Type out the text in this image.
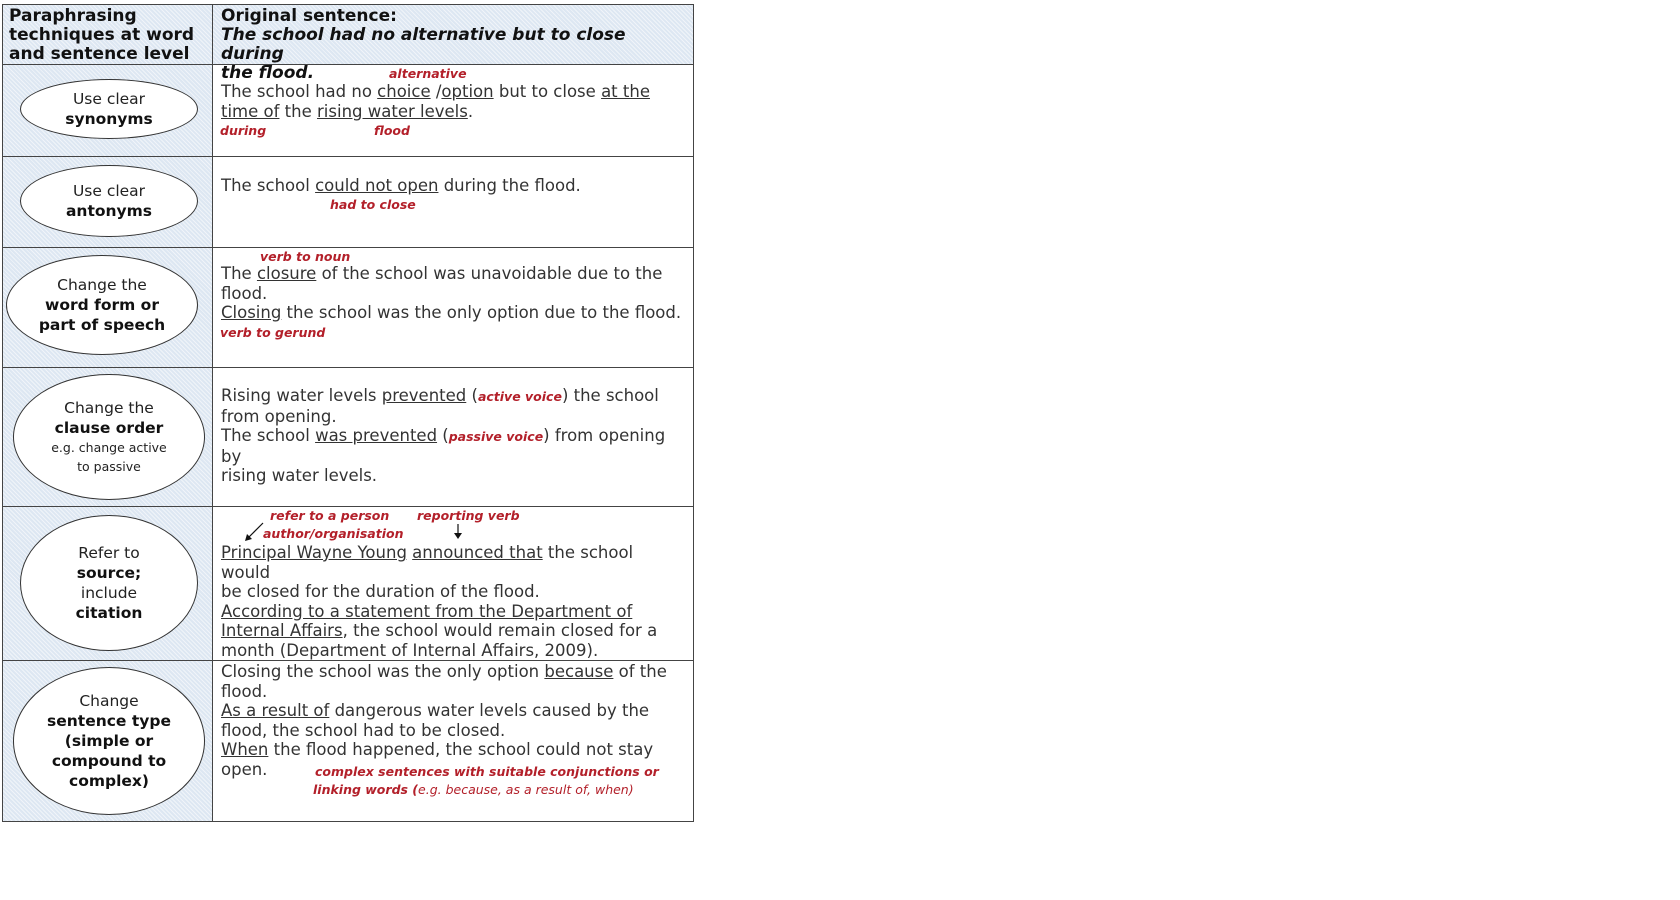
Paraphrasing
techniques at word
and sentence level
Original sentence:
The school had no alternative but to close during
the flood.
Use clear
synonyms
alternative
The school had no choice /option but to close at the
time of the rising water levels.
during	flood
Use clear
antonyms
The school could not open during the flood.
had to close
Change the
word form or
part of speech
verb to noun
The closure of the school was unavoidable due to the
flood.
Closing the school was the only option due to the flood.
verb to gerund
Change the
clause order
e.g. change active
to passive
Rising water levels prevented (active voice) the school
from opening.
The school was prevented (passive voice) from opening by
rising water levels.
Refer to
source;
include
citation
refer to a person reporting verb
author/organisation
Principal Wayne Young announced that the school would
be closed for the duration of the flood.
According to a statement from the Department of
Internal Affairs, the school would remain closed for a
month (Department of Internal Affairs, 2009).
Change
sentence type
(simple or
compound to
complex)
Closing the school was the only option because of the
flood.
As a result of dangerous water levels caused by the
flood, the school had to be closed.
When the flood happened, the school could not stay
open.	complex sentences with suitable conjunctions or
linking words (e.g. because, as a result of, when)
